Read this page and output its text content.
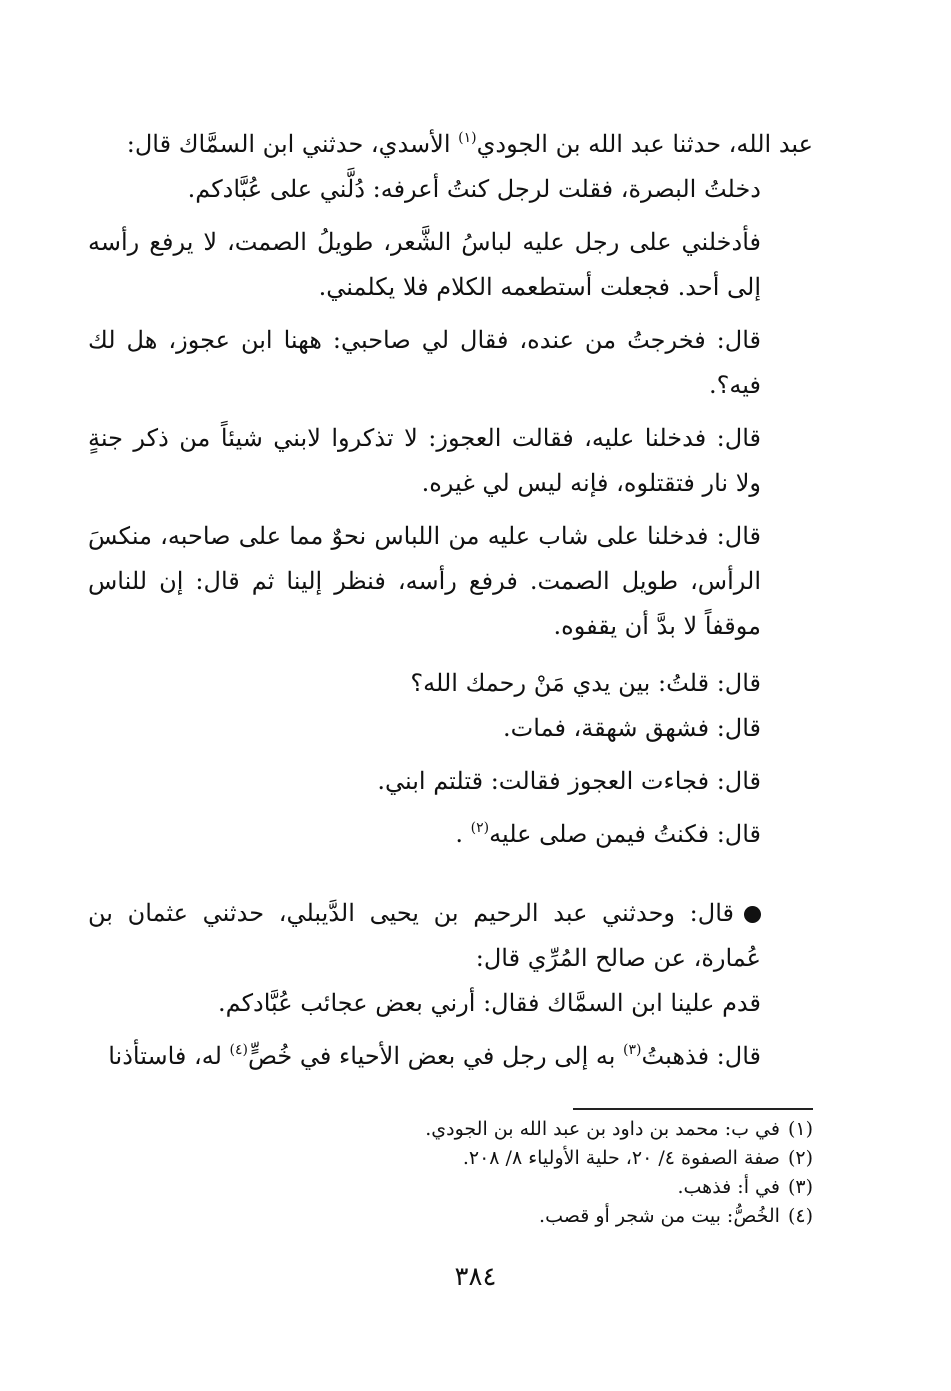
عبد الله، حدثنا عبد الله بن الجودي$^{(١)}$ الأسدي، حدثني ابن السمَّاك قال:

دخلتُ البصرة، فقلت لرجل كنتُ أعرفه: دُلَّني على عُبَّادكم.

فأدخلني على رجل عليه لباسُ الشَّعر، طويلُ الصمت، لا يرفع رأسه إلى أحد. فجعلت أستطعمه الكلام فلا يكلمني.

قال: فخرجتُ من عنده، فقال لي صاحبي: ههنا ابن عجوز، هل لك فيه؟.

قال: فدخلنا عليه، فقالت العجوز: لا تذكروا لابني شيئاً من ذكر جنةٍ ولا نار فتقتلوه، فإنه ليس لي غيره.

قال: فدخلنا على شاب عليه من اللباس نحوٌ مما على صاحبه، منكسَ الرأس، طويل الصمت. فرفع رأسه، فنظر إلينا ثم قال: إن للناس موقفاً لا بدَّ أن يقفوه.

قال: قلتُ: بين يدي مَنْ رحمك الله؟

قال: فشهق شهقة، فمات.

قال: فجاءت العجوز فقالت: قتلتم ابني.

قال: فكنتُ فيمن صلى عليه$^{(٢)}$ .

قال: وحدثني عبد الرحيم بن يحيى الدَّيبلي، حدثني عثمان بن عُمارة، عن صالح المُرِّي قال:

قدم علينا ابن السمَّاك فقال: أرني بعض عجائب عُبَّادكم.

قال: فذهبتُ$^{(٣)}$ به إلى رجل في بعض الأحياء في خُصٍّ$^{(٤)}$ له، فاستأذنا

(١)في ب: محمد بن داود بن عبد الله بن الجودي.

(٢)صفة الصفوة ٤/ ٢٠، حلية الأولياء ٨/ ٢٠٨.

(٣)في أ: فذهب.

(٤)الخُصُّ: بيت من شجر أو قصب.

٣٨٤
